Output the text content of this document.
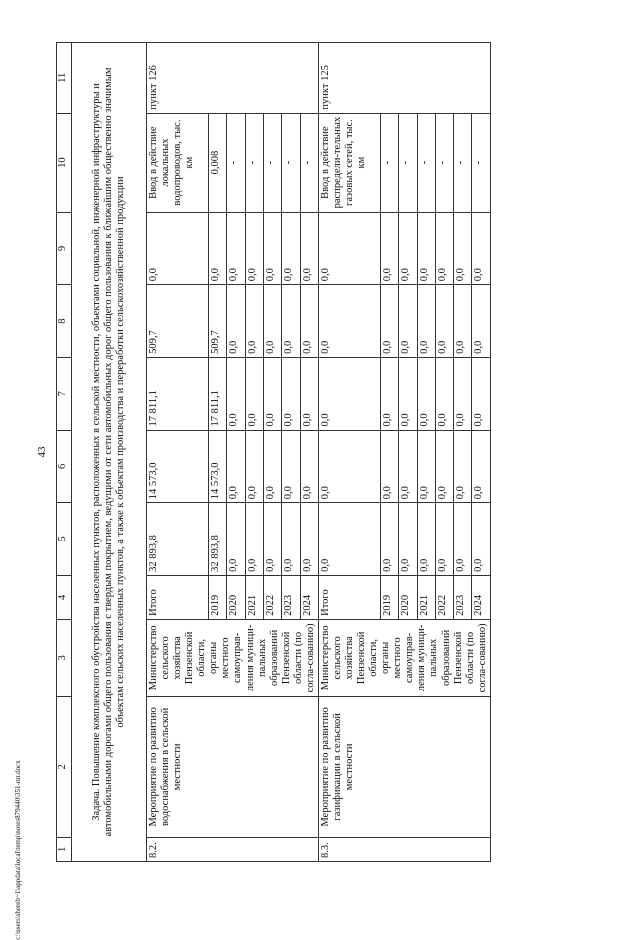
43
c:\users\shereb~1\appdata\local\temp\notes879440\351-пп.docx	1	2	3	4	5	6	7	8	9	10	11
Задача. Повышение комплексного обустройства населенных пунктов, расположенных в сельской местности, объектами социальной, инженерной инфраструктуры и автомобильными дорогами общего пользования с твердым покрытием, ведущими от сети автомобильных дорог общего пользования к ближайшим общественно значимым объектам сельских населенных пунктов, а также к объектам производства и переработки сельскохозяйственной продукции										
8.2.	Мероприятие по развитию водоснабжения в сельской местности	Министерство сельского хозяйства Пензенской области, органы местного самоуправ-ления муници-пальных образований Пензенской области (по согла-сованию)	Итого	32 893,8	14 573,0	17 811,1	509,7	0,0	Ввод в действие локальных водопроводов, тыс. км	пункт 126
			2019	32 893,8	14 573,0	17 811,1	509,7	0,0	0,008	
			2020	0,0	0,0	0,0	0,0	0,0	-	
			2021	0,0	0,0	0,0	0,0	0,0	-	
			2022	0,0	0,0	0,0	0,0	0,0	-	
			2023	0,0	0,0	0,0	0,0	0,0	-	
			2024	0,0	0,0	0,0	0,0	0,0	-	
8.3.	Мероприятие по развитию газификации в сельской местности	Министерство сельского хозяйства Пензенской области, органы местного самоуправ-ления муници-пальных образований Пензенской области (по согла-сованию)	Итого	0,0	0,0	0,0	0,0	0,0	Ввод в действие распредели-тельных газовых сетей, тыс. км	пункт 125
			2019	0,0	0,0	0,0	0,0	0,0	-	
			2020	0,0	0,0	0,0	0,0	0,0	-	
			2021	0,0	0,0	0,0	0,0	0,0	-	
			2022	0,0	0,0	0,0	0,0	0,0	-	
			2023	0,0	0,0	0,0	0,0	0,0	-	
			2024	0,0	0,0	0,0	0,0	0,0	-	
